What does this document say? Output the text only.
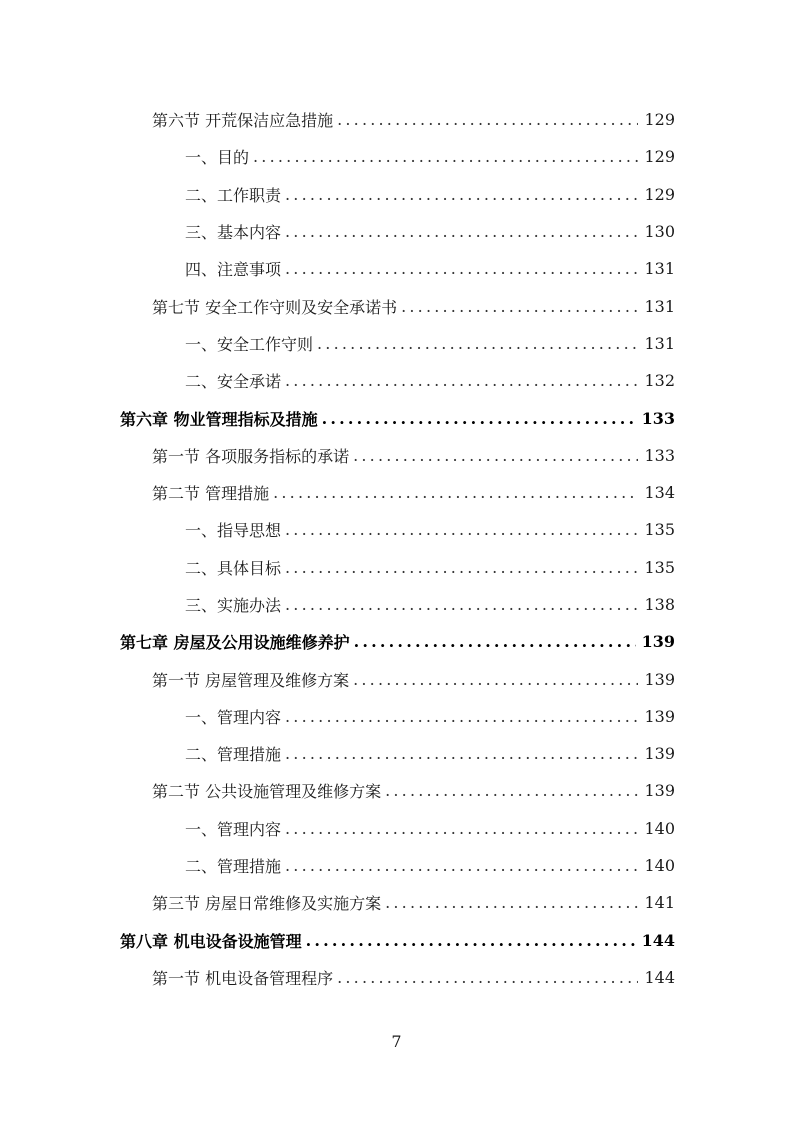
第六节 开荒保洁应急措施 .....	129
一、目的 .....	129
二、工作职责 .....	129
三、基本内容 .....	130
四、注意事项 .....	131
第七节 安全工作守则及安全承诺书 .....	131
一、安全工作守则 .....	131
二、安全承诺 .....	132
第六章 物业管理指标及措施 .....	133
第一节 各项服务指标的承诺 .....	133
第二节 管理措施 .....	134
一、指导思想 .....	135
二、具体目标 .....	135
三、实施办法 .....	138
第七章 房屋及公用设施维修养护 .....	139
第一节 房屋管理及维修方案 .....	139
一、管理内容 .....	139
二、管理措施 .....	139
第二节 公共设施管理及维修方案 .....	139
一、管理内容 .....	140
二、管理措施 .....	140
第三节 房屋日常维修及实施方案 .....	141
第八章 机电设备设施管理 .....	144
第一节 机电设备管理程序 .....	144
7
